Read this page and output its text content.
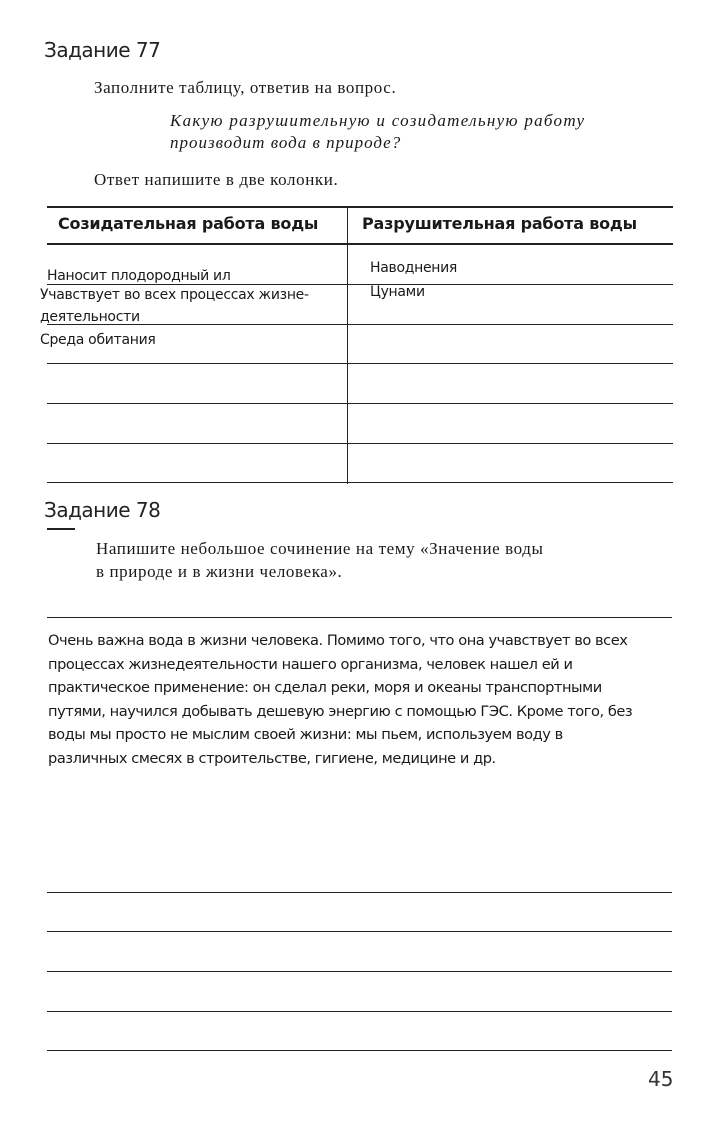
Задание 77
Заполните таблицу, ответив на вопрос.
Какую разрушительную и созидательную работу
производит вода в природе?
Ответ напишите в две колонки.
Созидательная работа воды	Разрушительная работа воды
Наносит плодородный ил
Учавствует во всех процессах жизне-
деятельности
Среда обитания
Наводнения
Цунами
Задание 78
Напишите небольшое сочинение на тему «Значение воды
в природе и в жизни человека».
Очень важна вода в жизни человека. Помимо того, что она учавствует во всех
процессах жизнедеятельности нашего организма, человек нашел ей и
практическое применение: он сделал реки, моря и океаны транспортными
путями, научился добывать дешевую энергию с помощью ГЭС. Кроме того, без
воды мы просто не мыслим своей жизни: мы пьем, используем воду в
различных смесях в строительстве, гигиене, медицине и др.
45
